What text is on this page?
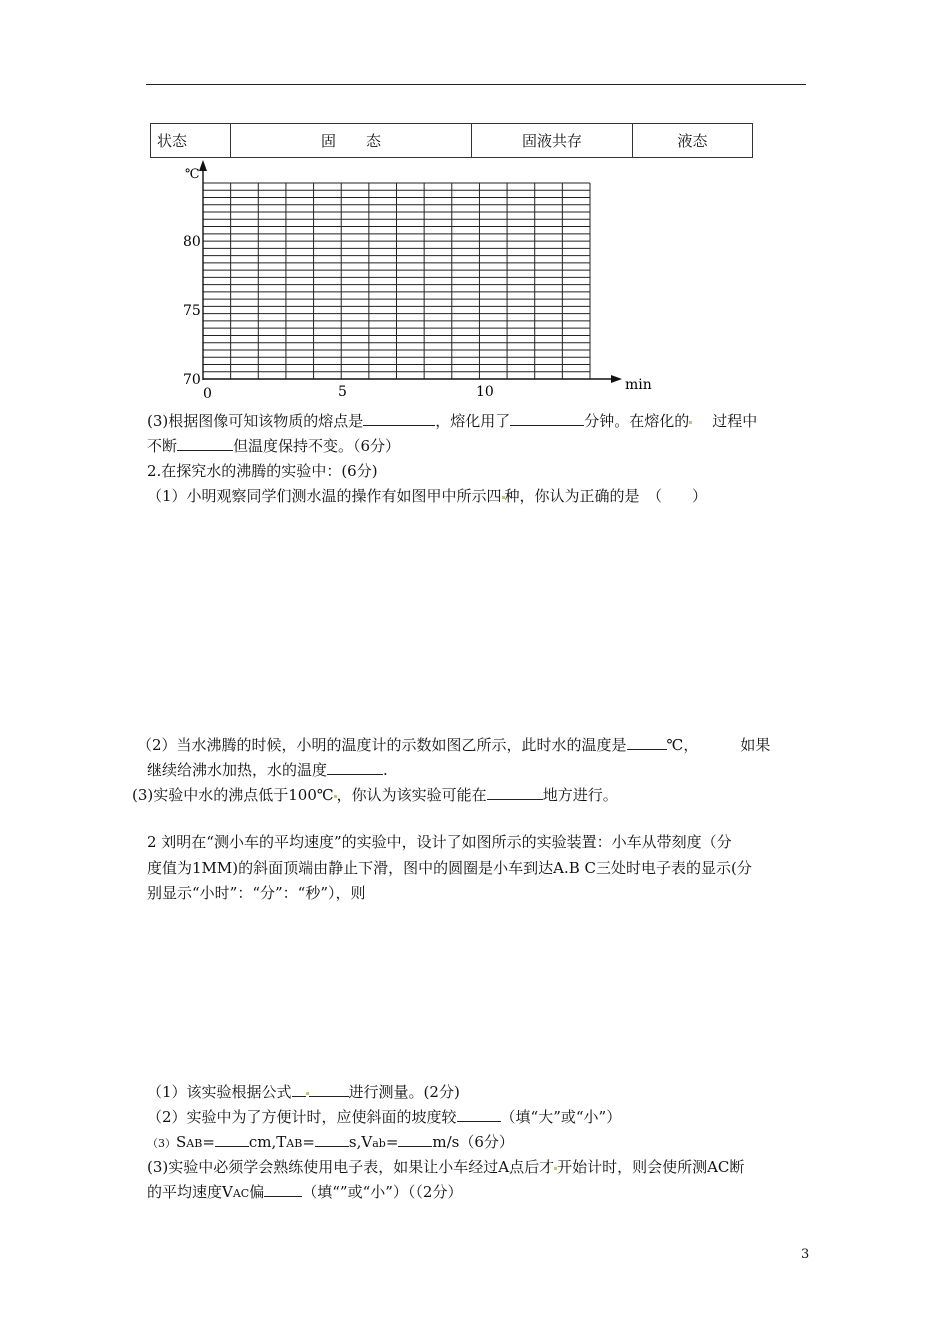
状态	固　　态	固液共存	液态
℃
min
80
75
70
0	5	10
(3)根据图像可知该物质的熔点是	，熔化用了	分钟。在熔化的 过程中
不断	但温度保持不变。（6分）
2.在探究水的沸腾的实验中：(6分)
（1）小明观察同学们测水温的操作有如图甲中所示四 种，你认为正确的是　（　　）
（2）当水沸腾的时候，小明的温度计的示数如图乙所示，此时水的温度是	℃，	如果
继续给沸水加热，水的温度	.
(3)实验中水的沸点低于100℃ ，你认为该实验可能在	地方进行。
2 刘明在“测小车的平均速度”的实验中，设计了如图所示的实验装置：小车从带刻度（分
度值为1MM)的斜面顶端由静止下滑，图中的圆圈是小车到达A.B C三处时电子表的显示(分
别显示“小时”：“分”：“秒”），则
（1）该实验根据公式	进行测量。(2分)
（2）实验中为了方便计时，应使斜面的坡度较	（填“大”或“小”）
（3）SAB= cm,TAB= s,Vab= m/s（6分）
(3)实验中必须学会熟练使用电子表，如果让小车经过A点后才 开始计时，则会使所测AC断
的平均速度VAC偏	（填“”或“小”）（（2分）
3
